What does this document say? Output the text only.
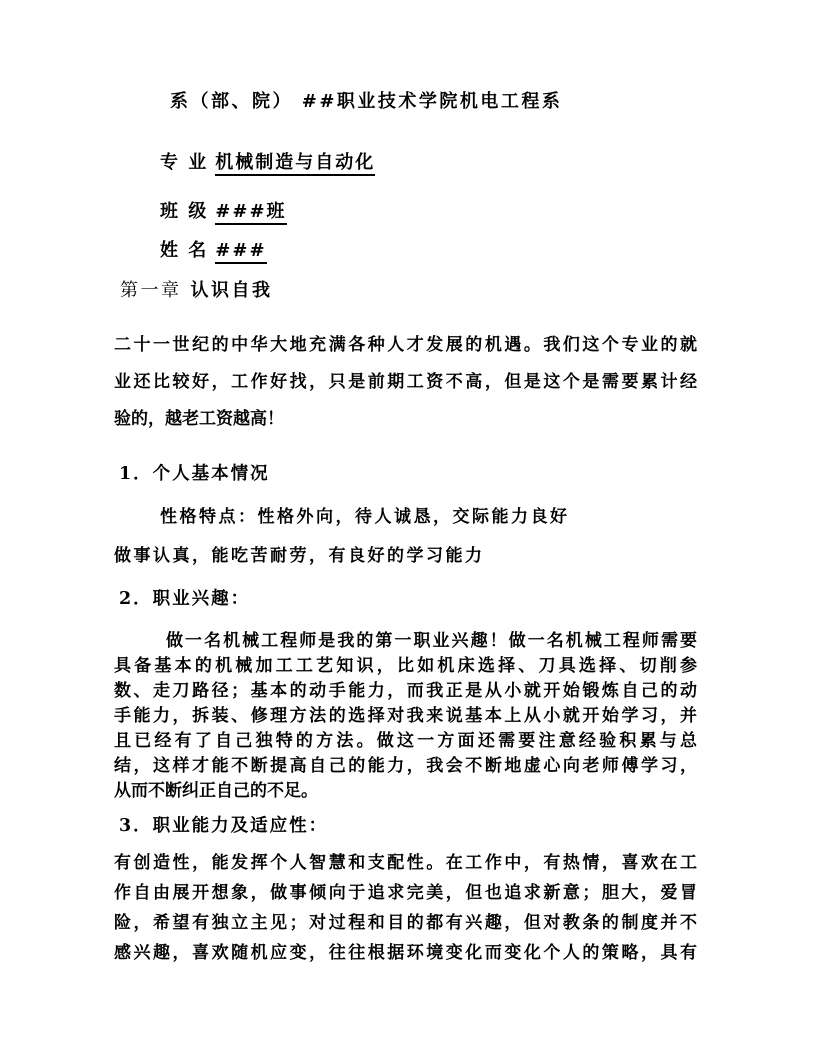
系（部、院） ##职业技术学院机电工程系
专 业 机械制造与自动化
班 级 ###班
姓 名 ###
第一章 认识自我
二十一世纪的中华大地充满各种人才发展的机遇。我们这个专业的就
业还比较好，工作好找，只是前期工资不高，但是这个是需要累计经
验的，越老工资越高！
1．个人基本情况
性格特点：性格外向，待人诚恳，交际能力良好
做事认真，能吃苦耐劳，有良好的学习能力
2．职业兴趣：
做一名机械工程师是我的第一职业兴趣！做一名机械工程师需要
具备基本的机械加工工艺知识，比如机床选择、刀具选择、切削参
数、走刀路径；基本的动手能力，而我正是从小就开始锻炼自己的动
手能力，拆装、修理方法的选择对我来说基本上从小就开始学习，并
且已经有了自己独特的方法。做这一方面还需要注意经验积累与总
结，这样才能不断提高自己的能力，我会不断地虚心向老师傅学习，
从而不断纠正自己的不足。
3．职业能力及适应性：
有创造性，能发挥个人智慧和支配性。在工作中，有热情，喜欢在工
作自由展开想象，做事倾向于追求完美，但也追求新意；胆大，爱冒
险，希望有独立主见；对过程和目的都有兴趣，但对教条的制度并不
感兴趣，喜欢随机应变，往往根据环境变化而变化个人的策略，具有
